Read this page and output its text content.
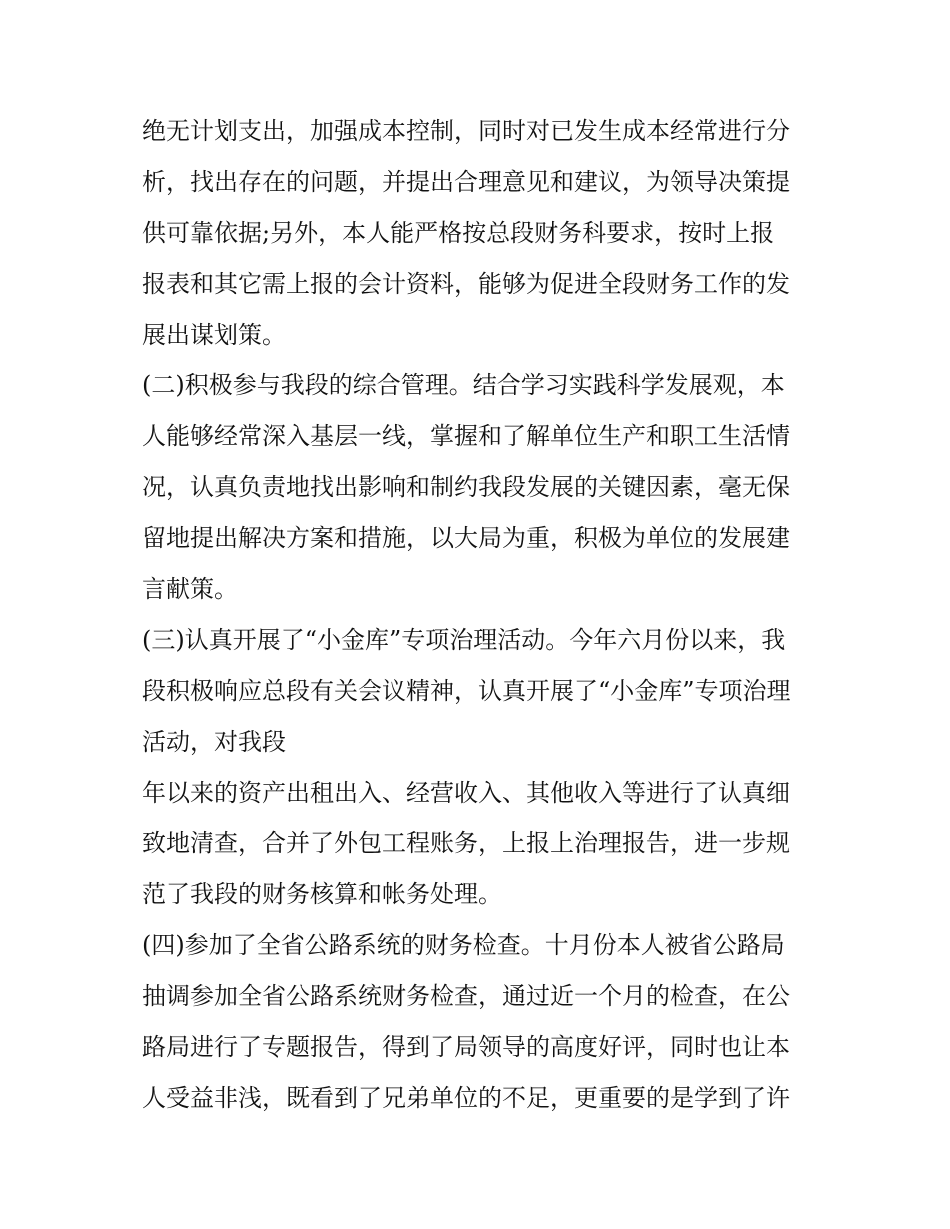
绝无计划支出，加强成本控制，同时对已发生成本经常进行分
析，找出存在的问题，并提出合理意见和建议，为领导决策提
供可靠依据;另外，本人能严格按总段财务科要求，按时上报
报表和其它需上报的会计资料，能够为促进全段财务工作的发
展出谋划策。
(二)积极参与我段的综合管理。结合学习实践科学发展观，本
人能够经常深入基层一线，掌握和了解单位生产和职工生活情
况，认真负责地找出影响和制约我段发展的关键因素，毫无保
留地提出解决方案和措施，以大局为重，积极为单位的发展建
言献策。
(三)认真开展了“小金库”专项治理活动。今年六月份以来，我
段积极响应总段有关会议精神，认真开展了“小金库”专项治理
活动，对我段
年以来的资产出租出入、经营收入、其他收入等进行了认真细
致地清查，合并了外包工程账务，上报上治理报告，进一步规
范了我段的财务核算和帐务处理。
(四)参加了全省公路系统的财务检查。十月份本人被省公路局
抽调参加全省公路系统财务检查，通过近一个月的检查，在公
路局进行了专题报告，得到了局领导的高度好评，同时也让本
人受益非浅，既看到了兄弟单位的不足，更重要的是学到了许
